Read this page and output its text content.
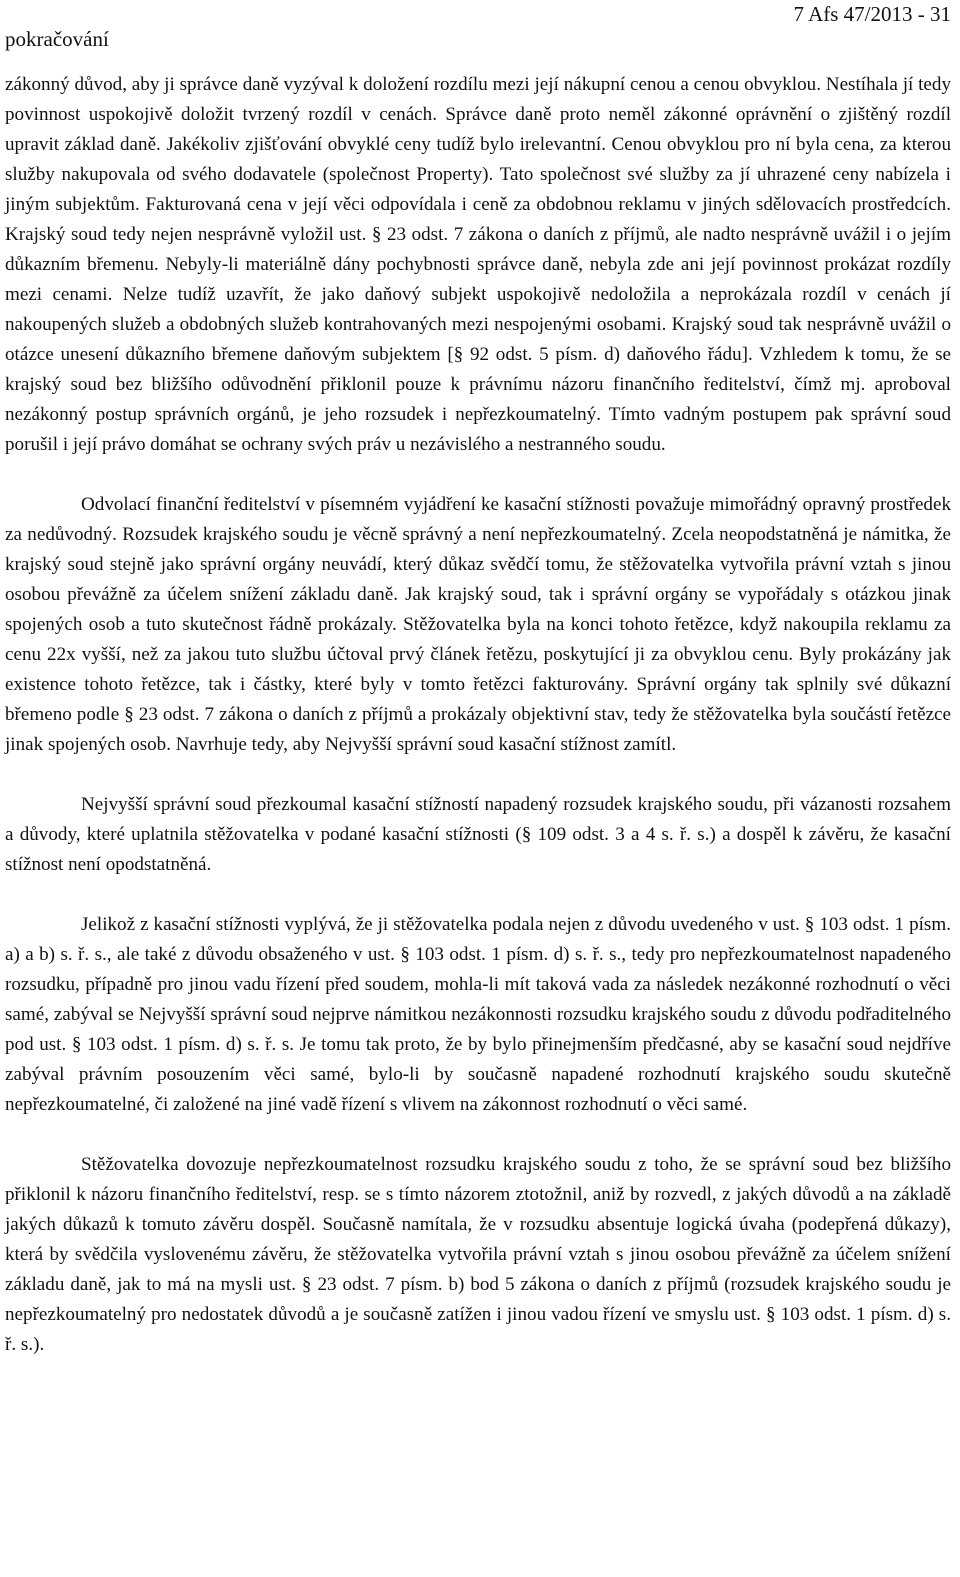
pokračování
7 Afs 47/2013 - 31

zákonný důvod, aby ji správce daně vyzýval k doložení rozdílu mezi její nákupní cenou a cenou obvyklou. Nestíhala jí tedy povinnost uspokojivě doložit tvrzený rozdíl v cenách. Správce daně proto neměl zákonné oprávnění o zjištěný rozdíl upravit základ daně. Jakékoliv zjišťování obvyklé ceny tudíž bylo irelevantní. Cenou obvyklou pro ní byla cena, za kterou služby nakupovala od svého dodavatele (společnost Property). Tato společnost své služby za jí uhrazené ceny nabízela i jiným subjektům. Fakturovaná cena v její věci odpovídala i ceně za obdobnou reklamu v jiných sdělovacích prostředcích. Krajský soud tedy nejen nesprávně vyložil ust. § 23 odst. 7 zákona o daních z příjmů, ale nadto nesprávně uvážil i o jejím důkazním břemenu. Nebyly-li materiálně dány pochybnosti správce daně, nebyla zde ani její povinnost prokázat rozdíly mezi cenami. Nelze tudíž uzavřít, že jako daňový subjekt uspokojivě nedoložila a neprokázala rozdíl v cenách jí nakoupených služeb a obdobných služeb kontrahovaných mezi nespojenými osobami. Krajský soud tak nesprávně uvážil o otázce unesení důkazního břemene daňovým subjektem [§ 92 odst. 5 písm. d) daňového řádu]. Vzhledem k tomu, že se krajský soud bez bližšího odůvodnění přiklonil pouze k právnímu názoru finančního ředitelství, čímž mj. aproboval nezákonný postup správních orgánů, je jeho rozsudek i nepřezkoumatelný. Tímto vadným postupem pak správní soud porušil i její právo domáhat se ochrany svých práv u nezávislého a nestranného soudu.

Odvolací finanční ředitelství v písemném vyjádření ke kasační stížnosti považuje mimořádný opravný prostředek za nedůvodný. Rozsudek krajského soudu je věcně správný a není nepřezkoumatelný. Zcela neopodstatněná je námitka, že krajský soud stejně jako správní orgány neuvádí, který důkaz svědčí tomu, že stěžovatelka vytvořila právní vztah s jinou osobou převážně za účelem snížení základu daně. Jak krajský soud, tak i správní orgány se vypořádaly s otázkou jinak spojených osob a tuto skutečnost řádně prokázaly. Stěžovatelka byla na konci tohoto řetězce, když nakoupila reklamu za cenu 22x vyšší, než za jakou tuto službu účtoval prvý článek řetězu, poskytující ji za obvyklou cenu. Byly prokázány jak existence tohoto řetězce, tak i částky, které byly v tomto řetězci fakturovány. Správní orgány tak splnily své důkazní břemeno podle § 23 odst. 7 zákona o daních z příjmů a prokázaly objektivní stav, tedy že stěžovatelka byla součástí řetězce jinak spojených osob. Navrhuje tedy, aby Nejvyšší správní soud kasační stížnost zamítl.

Nejvyšší správní soud přezkoumal kasační stížností napadený rozsudek krajského soudu, při vázanosti rozsahem a důvody, které uplatnila stěžovatelka v podané kasační stížnosti (§ 109 odst. 3 a 4 s. ř. s.) a dospěl k závěru, že kasační stížnost není opodstatněná.

Jelikož z kasační stížnosti vyplývá, že ji stěžovatelka podala nejen z důvodu uvedeného v ust. § 103 odst. 1 písm. a) a b) s. ř. s., ale také z důvodu obsaženého v ust. § 103 odst. 1 písm. d) s. ř. s., tedy pro nepřezkoumatelnost napadeného rozsudku, případně pro jinou vadu řízení před soudem, mohla-li mít taková vada za následek nezákonné rozhodnutí o věci samé, zabýval se Nejvyšší správní soud nejprve námitkou nezákonnosti rozsudku krajského soudu z důvodu podřaditelného pod ust. § 103 odst. 1 písm. d) s. ř. s. Je tomu tak proto, že by bylo přinejmenším předčasné, aby se kasační soud nejdříve zabýval právním posouzením věci samé, bylo-li by současně napadené rozhodnutí krajského soudu skutečně nepřezkoumatelné, či založené na jiné vadě řízení s vlivem na zákonnost rozhodnutí o věci samé.

Stěžovatelka dovozuje nepřezkoumatelnost rozsudku krajského soudu z toho, že se správní soud bez bližšího přiklonil k názoru finančního ředitelství, resp. se s tímto názorem ztotožnil, aniž by rozvedl, z jakých důvodů a na základě jakých důkazů k tomuto závěru dospěl. Současně namítala, že v rozsudku absentuje logická úvaha (podepřená důkazy), která by svědčila vyslovenému závěru, že stěžovatelka vytvořila právní vztah s jinou osobou převážně za účelem snížení základu daně, jak to má na mysli ust. § 23 odst. 7 písm. b) bod 5 zákona o daních z příjmů (rozsudek krajského soudu je nepřezkoumatelný pro nedostatek důvodů a je současně zatížen i jinou vadou řízení ve smyslu ust. § 103 odst. 1 písm. d) s. ř. s.).
